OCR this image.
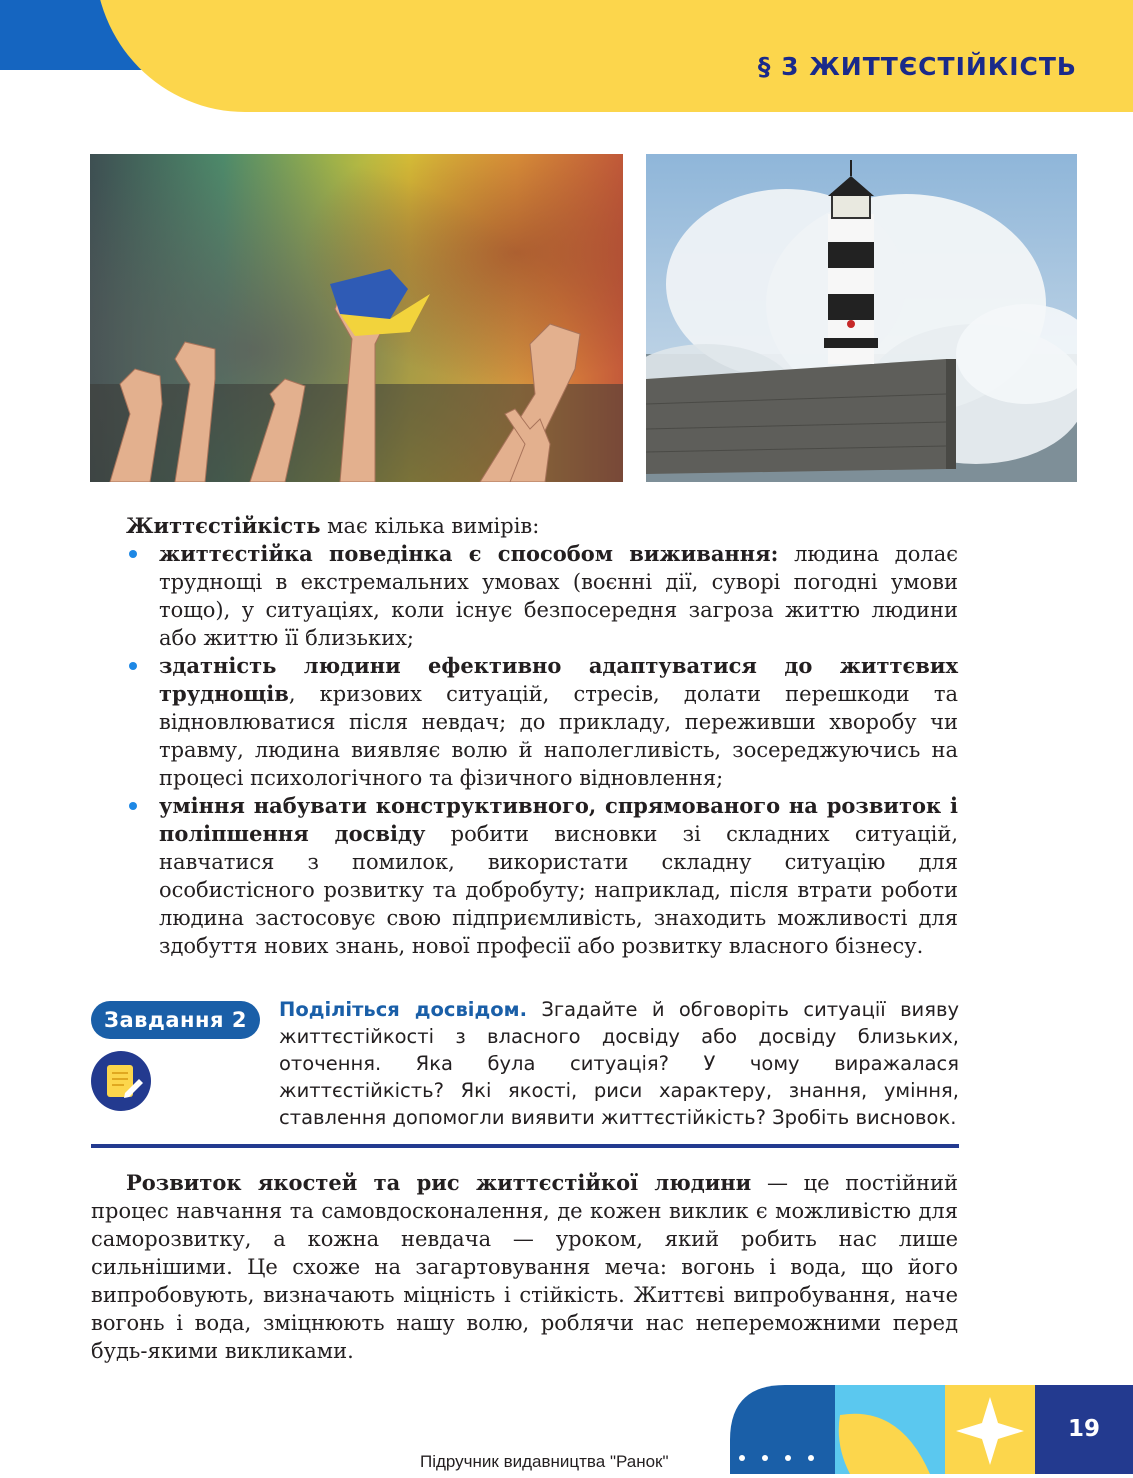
§ 3 ЖИТТЄСТІЙКІСТЬ
Життєстійкість має кілька вимірів:
життєстійка поведінка є способом виживання: людина долає труднощі в екстремальних умовах (воєнні дії, суворі погодні умови тощо), у ситуаціях, коли існує безпосередня загроза життю людини або життю її близьких;
здатність людини ефективно адаптуватися до життєвих труднощів, кризових ситуацій, стресів, долати перешкоди та відновлюватися після невдач; до прикладу, переживши хворобу чи травму, людина виявляє волю й наполегливість, зосереджуючись на процесі психологічного та фізичного відновлення;
уміння набувати конструктивного, спрямованого на розвиток і поліпшення досвіду робити висновки зі складних ситуацій, навчатися з помилок, використати складну ситуацію для особистісного розвитку та добробуту; наприклад, після втрати роботи людина застосовує свою підприємливість, знаходить можливості для здобуття нових знань, нової професії або розвитку власного бізнесу.
Завдання 2	Поділіться досвідом. Згадайте й обговоріть ситуації вияву життєстійкості з власного досвіду або досвіду близьких, оточення. Яка була ситуація? У чому виражалася життєстійкість? Які якості, риси характеру, знання, уміння, ставлення допомогли виявити життєстійкість? Зробіть висновок.
Розвиток якостей та рис життєстійкої людини — це постійний процес навчання та самовдосконалення, де кожен виклик є можливістю для саморозвитку, а кожна невдача — уроком, який робить нас лише сильнішими. Це схоже на загартовування меча: вогонь і вода, що його випробовують, визначають міцність і стійкість. Життєві випробування, наче вогонь і вода, зміцнюють нашу волю, роблячи нас непереможними перед будь-якими викликами.
Підручник видавництва "Ранок"
19
